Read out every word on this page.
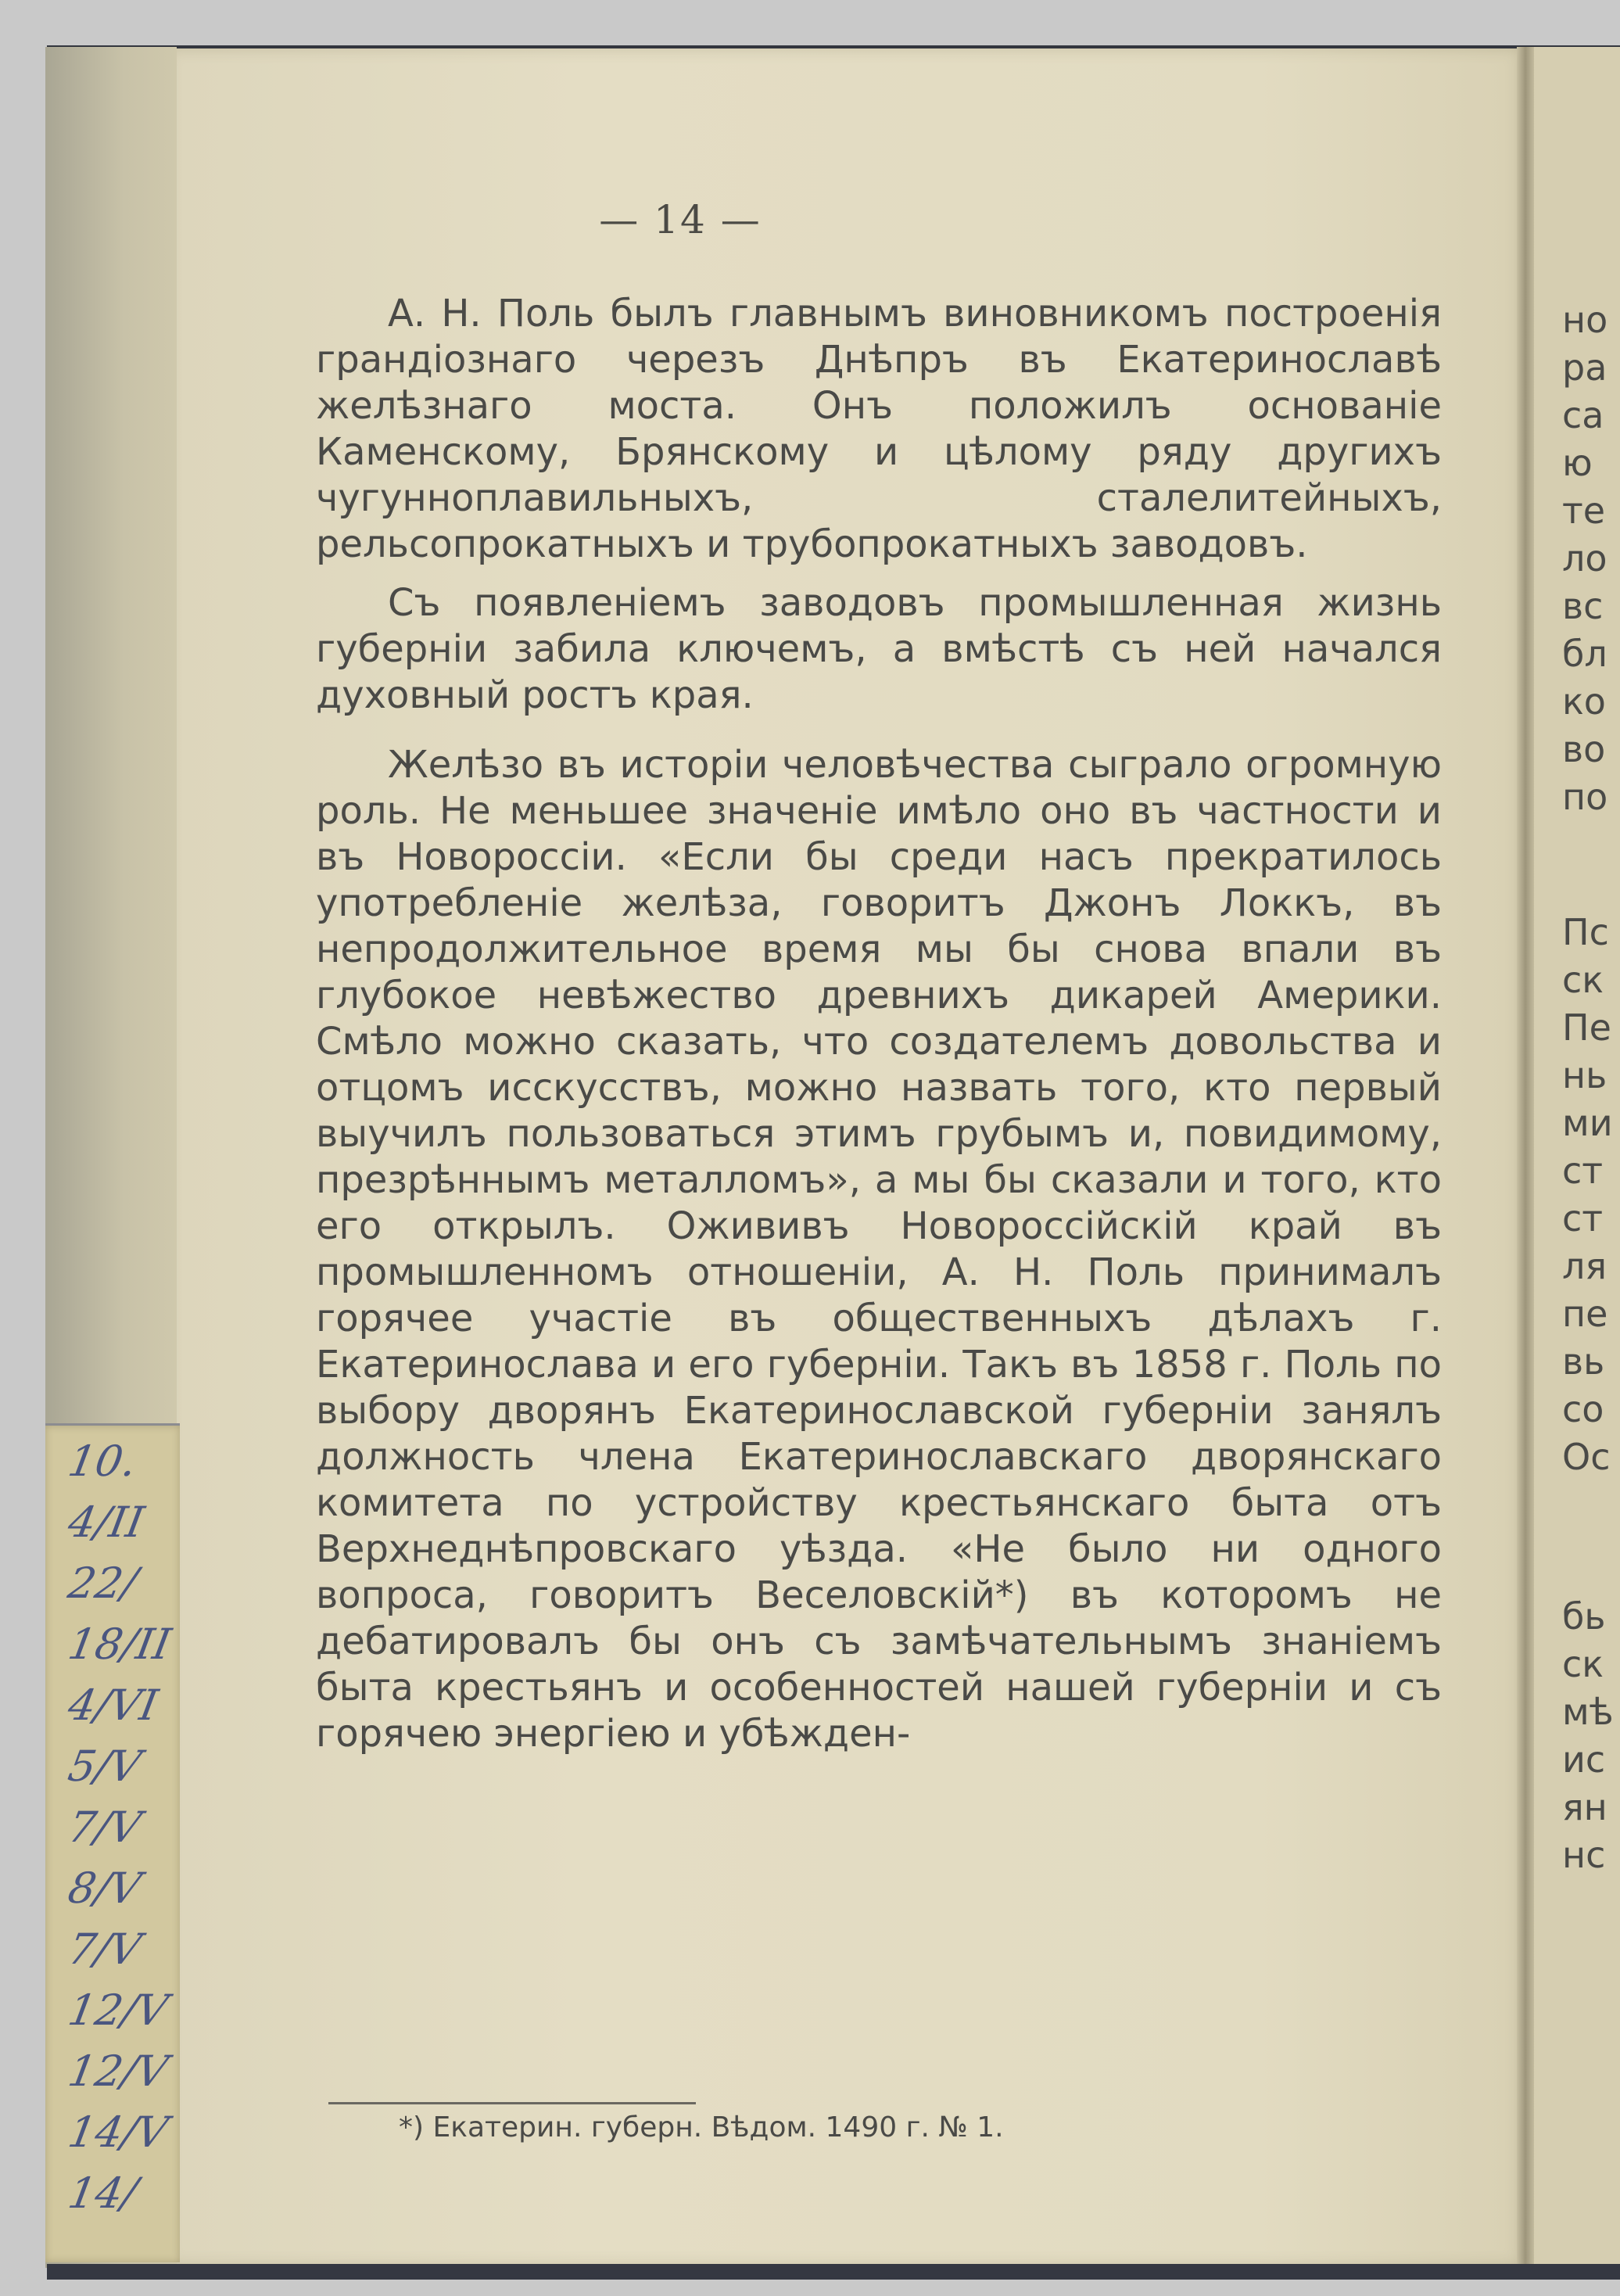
но
ра
са
ю
те
ло
вс
бл
ко
во
по
Пс
ск
Пе
нь
ми
ст
ст
ля
пе
вь
со
Ос
бь
ск
мѣ
ис
ян
нс
— 14 —

А. Н. Поль былъ главнымъ виновникомъ построенія грандіознаго черезъ Днѣпръ въ Екатеринославѣ желѣзнаго моста. Онъ положилъ основаніе Каменскому, Брянскому и цѣлому ряду другихъ чугунноплавильныхъ, сталелитейныхъ, рельсопрокатныхъ и трубопрокатныхъ заводовъ.

Съ появленіемъ заводовъ промышленная жизнь губерніи забила ключемъ, а вмѣстѣ съ ней начался духовный ростъ края.

Желѣзо въ исторіи человѣчества сыграло огромную роль. Не меньшее значеніе имѣло оно въ частности и въ Новороссіи. «Если бы среди насъ прекратилось употребленіе желѣза, говоритъ Джонъ Локкъ, въ непродолжительное время мы бы снова впали въ глубокое невѣжество древнихъ дикарей Америки. Смѣло можно сказать, что создателемъ довольства и отцомъ исскусствъ, можно назвать того, кто первый выучилъ пользоваться этимъ грубымъ и, повидимому, презрѣннымъ металломъ», а мы бы сказали и того, кто его открылъ. Ожививъ Новороссійскій край въ промышленномъ отношеніи, А. Н. Поль принималъ горячее участіе въ общественныхъ дѣлахъ г. Екатеринослава и его губерніи. Такъ въ 1858 г. Поль по выбору дворянъ Екатеринославской губерніи занялъ должность члена Екатеринославскаго дворянскаго комитета по устройству крестьянскаго быта отъ Верхнеднѣпровскаго уѣзда. «Не было ни одного вопроса, говоритъ Веселовскій*) въ которомъ не дебатировалъ бы онъ съ замѣчательнымъ знаніемъ быта крестьянъ и особенностей нашей губерніи и съ горячею энергіею и убѣжден-

*) Екатерин. губерн. Вѣдом. 1490 г. № 1.
10.
4/II
22/
18/II
4/VI
5/V
7/V
8/V
7/V
12/V
12/V
14/V
14/
